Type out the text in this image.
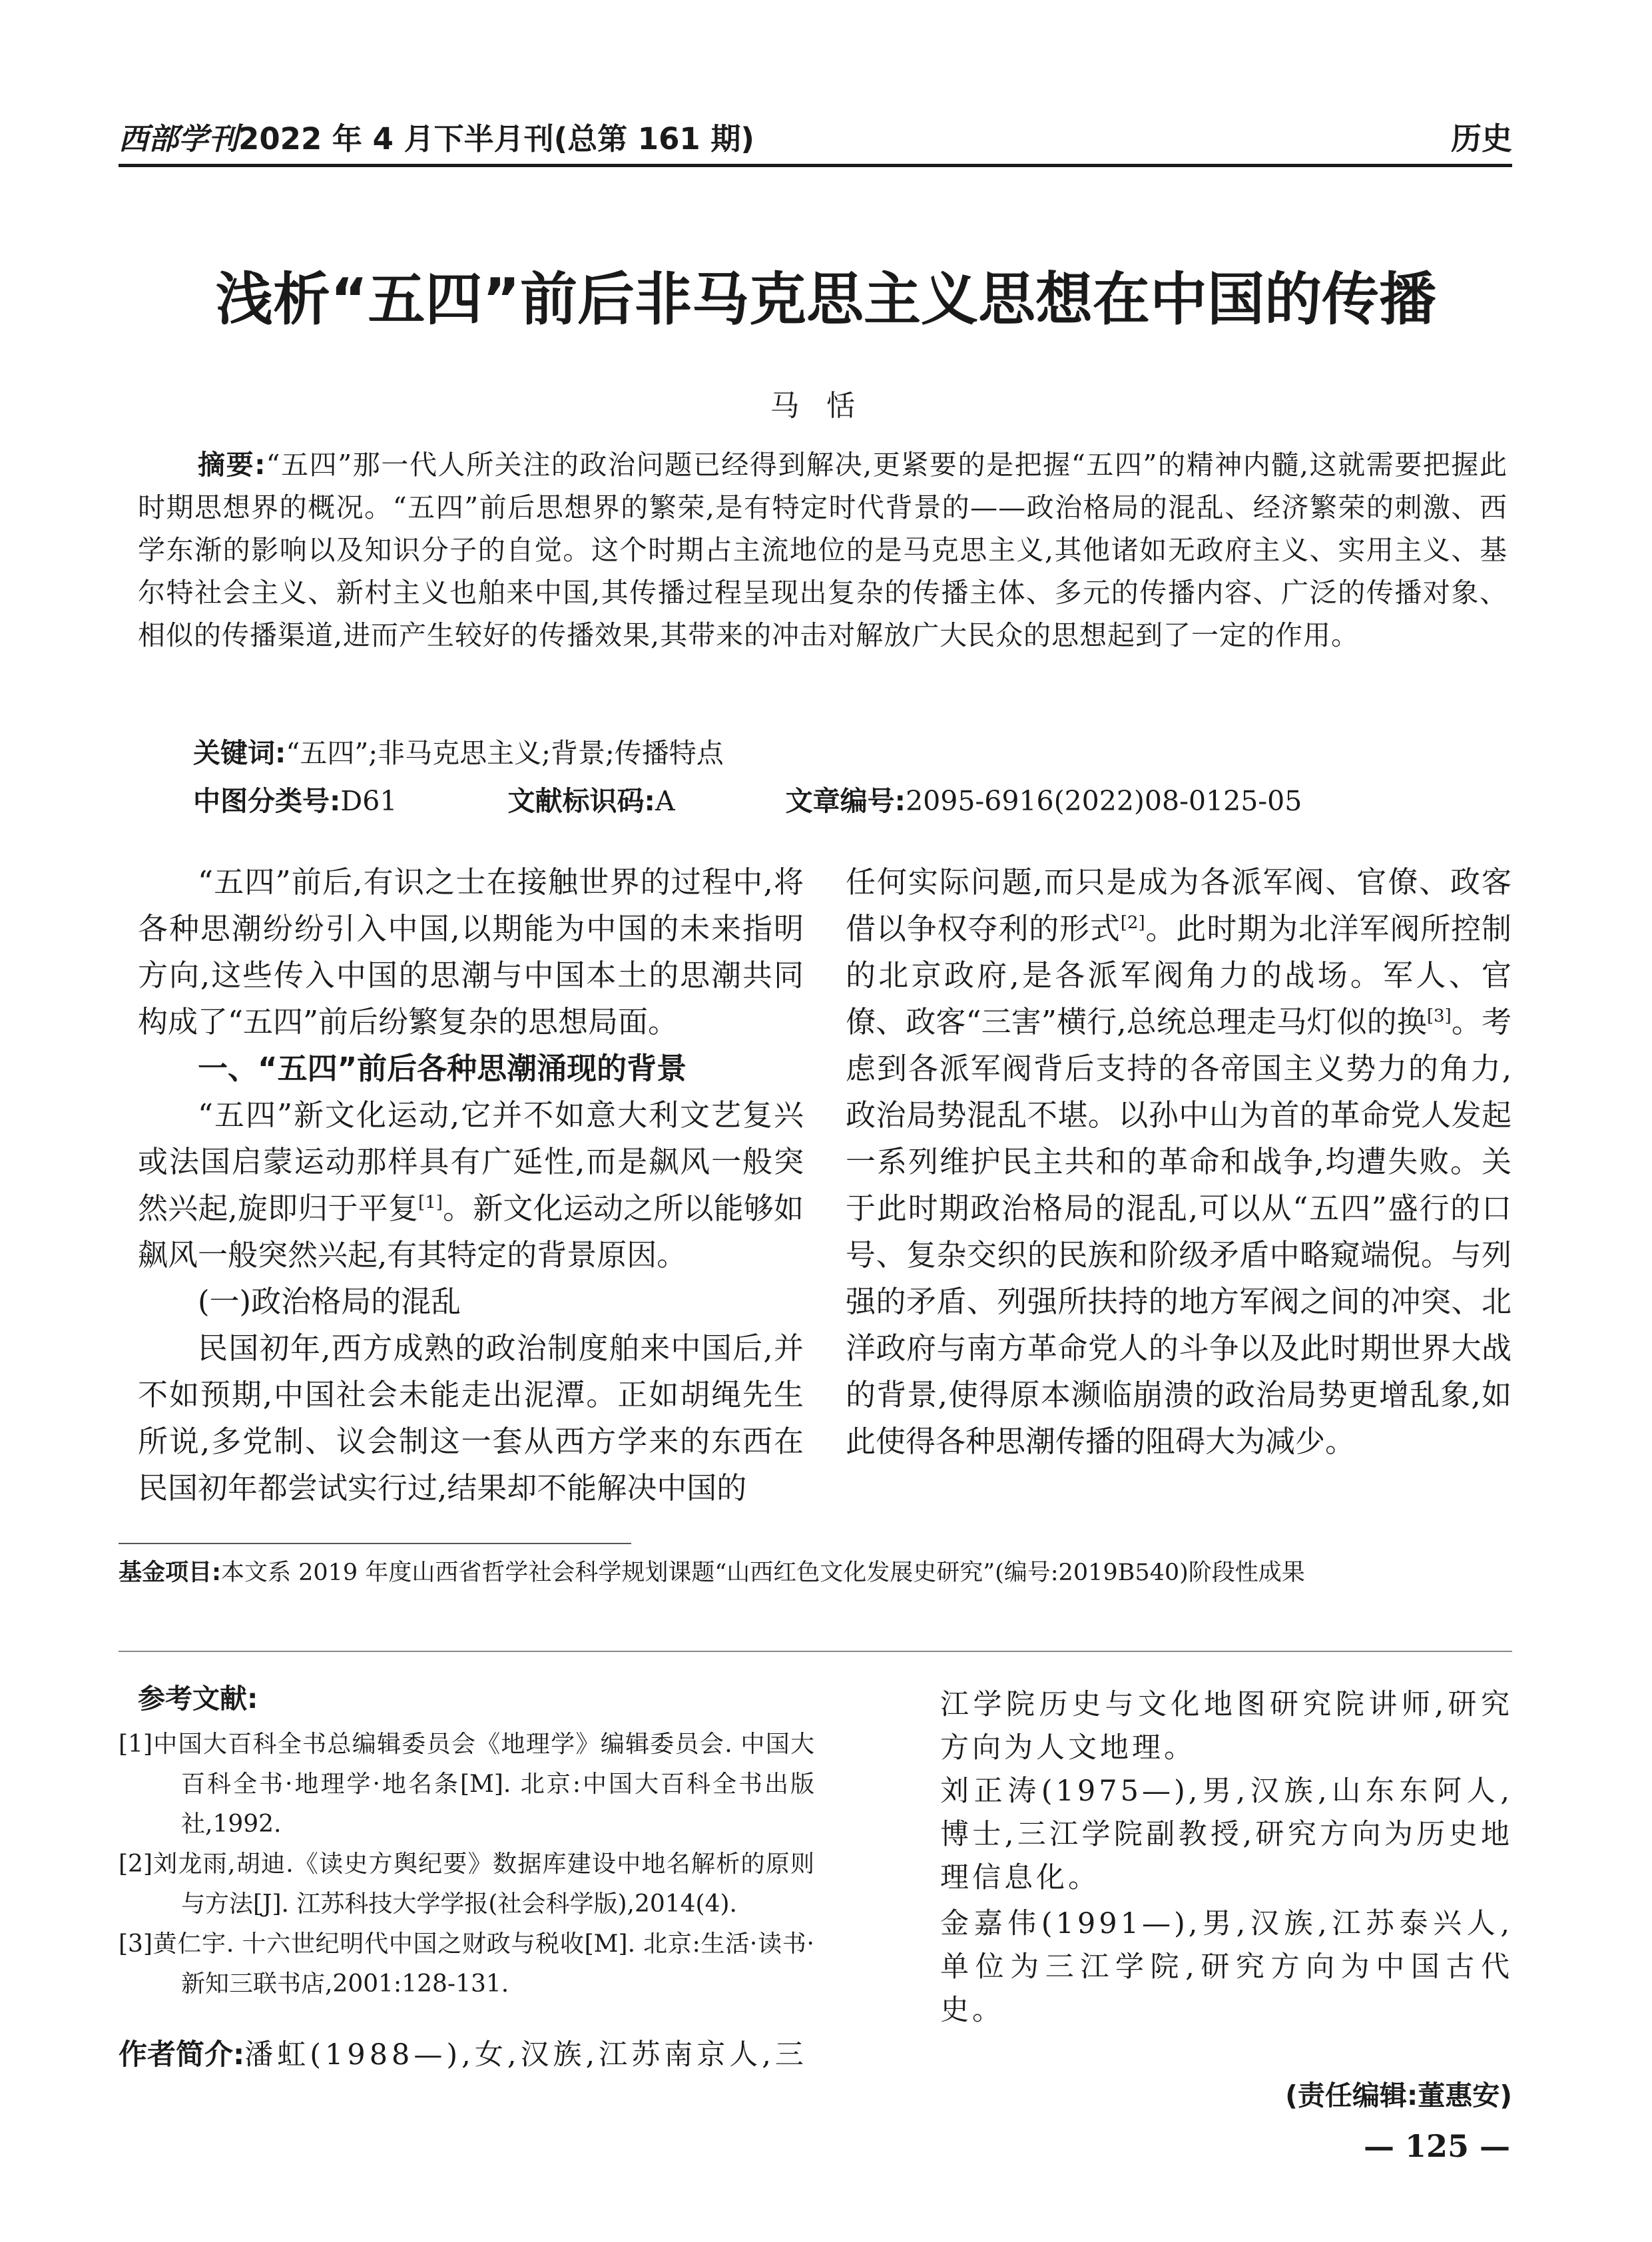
西部学刊2022 年 4 月下半月刊(总第 161 期)	历史
浅析“五四”前后非马克思主义思想在中国的传播
马恬
摘要:“五四”那一代人所关注的政治问题已经得到解决,更紧要的是把握“五四”的精神内髓,这就需要把握此时期思想界的概况。“五四”前后思想界的繁荣,是有特定时代背景的——政治格局的混乱、经济繁荣的刺激、西学东渐的影响以及知识分子的自觉。这个时期占主流地位的是马克思主义,其他诸如无政府主义、实用主义、基尔特社会主义、新村主义也舶来中国,其传播过程呈现出复杂的传播主体、多元的传播内容、广泛的传播对象、相似的传播渠道,进而产生较好的传播效果,其带来的冲击对解放广大民众的思想起到了一定的作用。
关键词:“五四”;非马克思主义;背景;传播特点
中图分类号:D61	文献标识码:A	文章编号:2095-6916(2022)08-0125-05

“五四”前后,有识之士在接触世界的过程中,将各种思潮纷纷引入中国,以期能为中国的未来指明方向,这些传入中国的思潮与中国本土的思潮共同构成了“五四”前后纷繁复杂的思想局面。

一、“五四”前后各种思潮涌现的背景

“五四”新文化运动,它并不如意大利文艺复兴或法国启蒙运动那样具有广延性,而是飙风一般突然兴起,旋即归于平复[1]。新文化运动之所以能够如飙风一般突然兴起,有其特定的背景原因。

(一)政治格局的混乱

民国初年,西方成熟的政治制度舶来中国后,并不如预期,中国社会未能走出泥潭。正如胡绳先生所说,多党制、议会制这一套从西方学来的东西在民国初年都尝试实行过,结果却不能解决中国的

任何实际问题,而只是成为各派军阀、官僚、政客借以争权夺利的形式[2]。此时期为北洋军阀所控制的北京政府,是各派军阀角力的战场。军人、官僚、政客“三害”横行,总统总理走马灯似的换[3]。考虑到各派军阀背后支持的各帝国主义势力的角力,政治局势混乱不堪。以孙中山为首的革命党人发起一系列维护民主共和的革命和战争,均遭失败。关于此时期政治格局的混乱,可以从“五四”盛行的口号、复杂交织的民族和阶级矛盾中略窥端倪。与列强的矛盾、列强所扶持的地方军阀之间的冲突、北洋政府与南方革命党人的斗争以及此时期世界大战的背景,使得原本濒临崩溃的政治局势更增乱象,如此使得各种思潮传播的阻碍大为减少。

基金项目:本文系 2019 年度山西省哲学社会科学规划课题“山西红色文化发展史研究”(编号:2019B540)阶段性成果
参考文献:

[1]中国大百科全书总编辑委员会《地理学》编辑委员会. 中国大百科全书·地理学·地名条[M]. 北京:中国大百科全书出版社,1992.

[2]刘龙雨,胡迪.《读史方舆纪要》数据库建设中地名解析的原则与方法[J]. 江苏科技大学学报(社会科学版),2014(4).

[3]黄仁宇. 十六世纪明代中国之财政与税收[M]. 北京:生活·读书·新知三联书店,2001:128-131.

作者简介:潘虹(1988—),女,汉族,江苏南京人,三

江学院历史与文化地图研究院讲师,研究方向为人文地理。

刘正涛(1975—),男,汉族,山东东阿人,博士,三江学院副教授,研究方向为历史地理信息化。

金嘉伟(1991—),男,汉族,江苏泰兴人,单位为三江学院,研究方向为中国古代史。

(责任编辑:董惠安)
— 125 —
